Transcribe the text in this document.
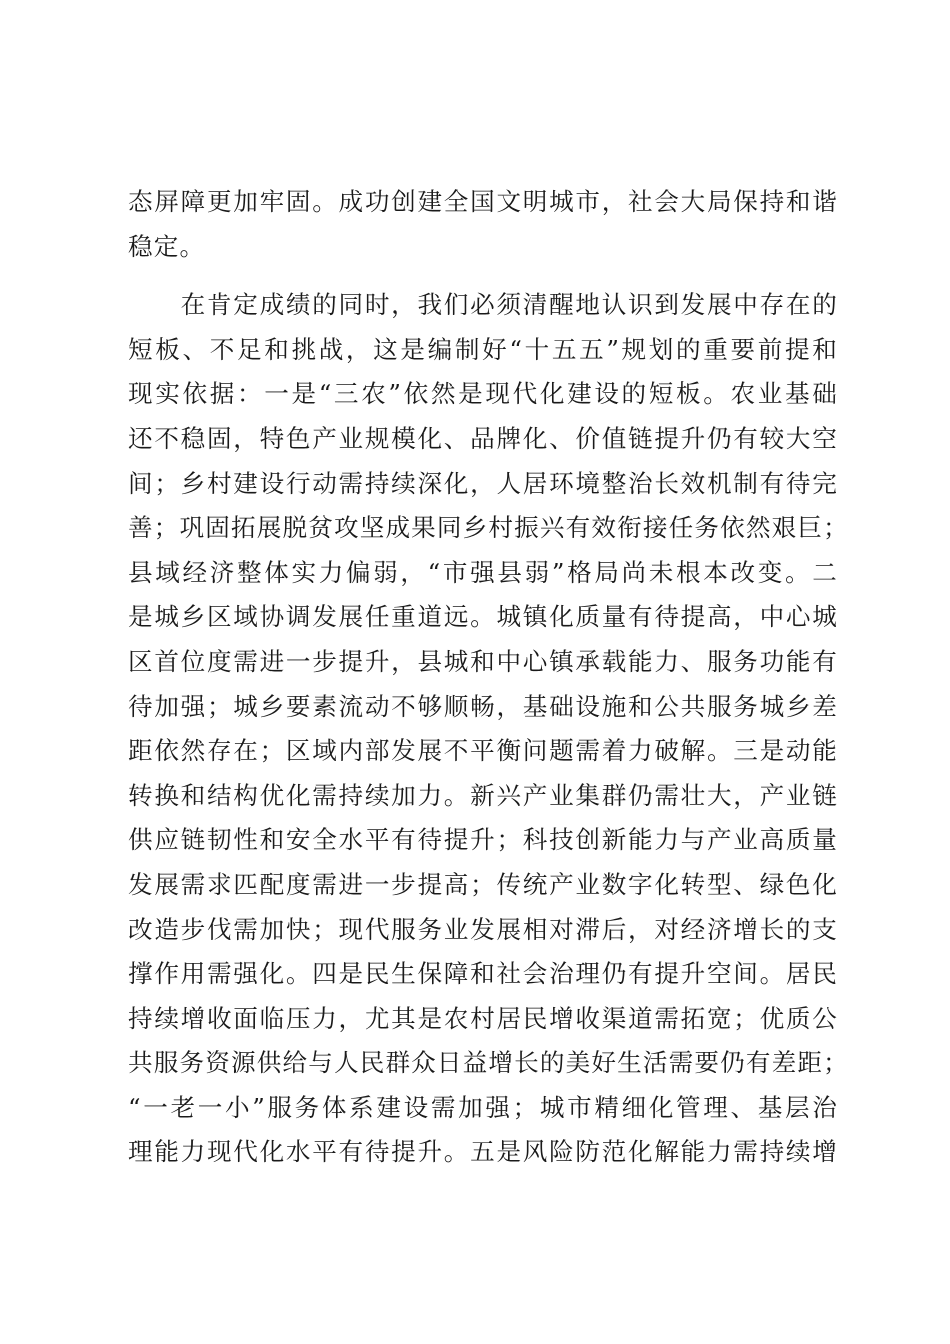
态屏障更加牢固。成功创建全国文明城市，社会大局保持和谐
稳定。
　　在肯定成绩的同时，我们必须清醒地认识到发展中存在的
短板、不足和挑战，这是编制好“十五五”规划的重要前提和
现实依据：一是“三农”依然是现代化建设的短板。农业基础
还不稳固，特色产业规模化、品牌化、价值链提升仍有较大空
间；乡村建设行动需持续深化，人居环境整治长效机制有待完
善；巩固拓展脱贫攻坚成果同乡村振兴有效衔接任务依然艰巨；
县域经济整体实力偏弱，“市强县弱”格局尚未根本改变。二
是城乡区域协调发展任重道远。城镇化质量有待提高，中心城
区首位度需进一步提升，县城和中心镇承载能力、服务功能有
待加强；城乡要素流动不够顺畅，基础设施和公共服务城乡差
距依然存在；区域内部发展不平衡问题需着力破解。三是动能
转换和结构优化需持续加力。新兴产业集群仍需壮大，产业链
供应链韧性和安全水平有待提升；科技创新能力与产业高质量
发展需求匹配度需进一步提高；传统产业数字化转型、绿色化
改造步伐需加快；现代服务业发展相对滞后，对经济增长的支
撑作用需强化。四是民生保障和社会治理仍有提升空间。居民
持续增收面临压力，尤其是农村居民增收渠道需拓宽；优质公
共服务资源供给与人民群众日益增长的美好生活需要仍有差距；
“一老一小”服务体系建设需加强；城市精细化管理、基层治
理能力现代化水平有待提升。五是风险防范化解能力需持续增
